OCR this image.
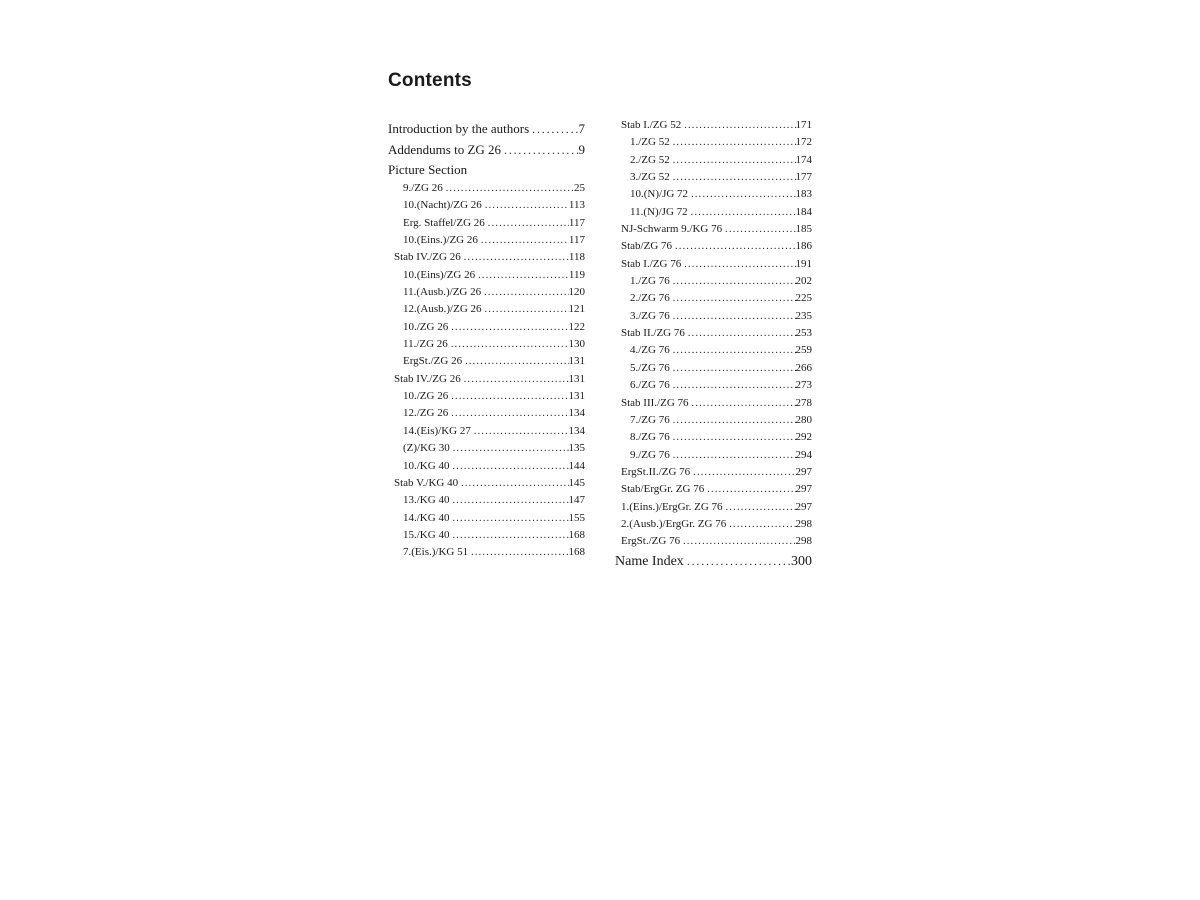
Contents
Introduction by the authors . . .	7
Addendums to ZG 26 . . .	9
Picture Section
9./ZG 26 . . .	25
10.(Nacht)/ZG 26 . . .	113
Erg. Staffel/ZG 26 . . .	117
10.(Eins.)/ZG 26 . . .	117
Stab IV./ZG 26 . . .	118
10.(Eins)/ZG 26 . . .	119
11.(Ausb.)/ZG 26 . . .	120
12.(Ausb.)/ZG 26 . . .	121
10./ZG 26 . . .	122
11./ZG 26 . . .	130
ErgSt./ZG 26 . . .	131
Stab IV./ZG 26 . . .	131
10./ZG 26 . . .	131
12./ZG 26 . . .	134
14.(Eis)/KG 27 . . .	134
(Z)/KG 30 . . .	135
10./KG 40 . . .	144
Stab V./KG 40 . . .	145
13./KG 40 . . .	147
14./KG 40 . . .	155
15./KG 40 . . .	168
7.(Eis.)/KG 51 . . .	168
Stab I./ZG 52 . . .	171
1./ZG 52 . . .	172
2./ZG 52 . . .	174
3./ZG 52 . . .	177
10.(N)/JG 72 . . .	183
11.(N)/JG 72 . . .	184
NJ-Schwarm 9./KG 76 . . .	185
Stab/ZG 76 . . .	186
Stab I./ZG 76 . . .	191
1./ZG 76 . . .	202
2./ZG 76 . . .	225
3./ZG 76 . . .	235
Stab II./ZG 76 . . .	253
4./ZG 76 . . .	259
5./ZG 76 . . .	266
6./ZG 76 . . .	273
Stab III./ZG 76 . . .	278
7./ZG 76 . . .	280
8./ZG 76 . . .	292
9./ZG 76 . . .	294
ErgSt.II./ZG 76 . . .	297
Stab/ErgGr. ZG 76 . . .	297
1.(Eins.)/ErgGr. ZG 76 . . .	297
2.(Ausb.)/ErgGr. ZG 76 . . .	298
ErgSt./ZG 76 . . .	298
Name Index . . .	300
